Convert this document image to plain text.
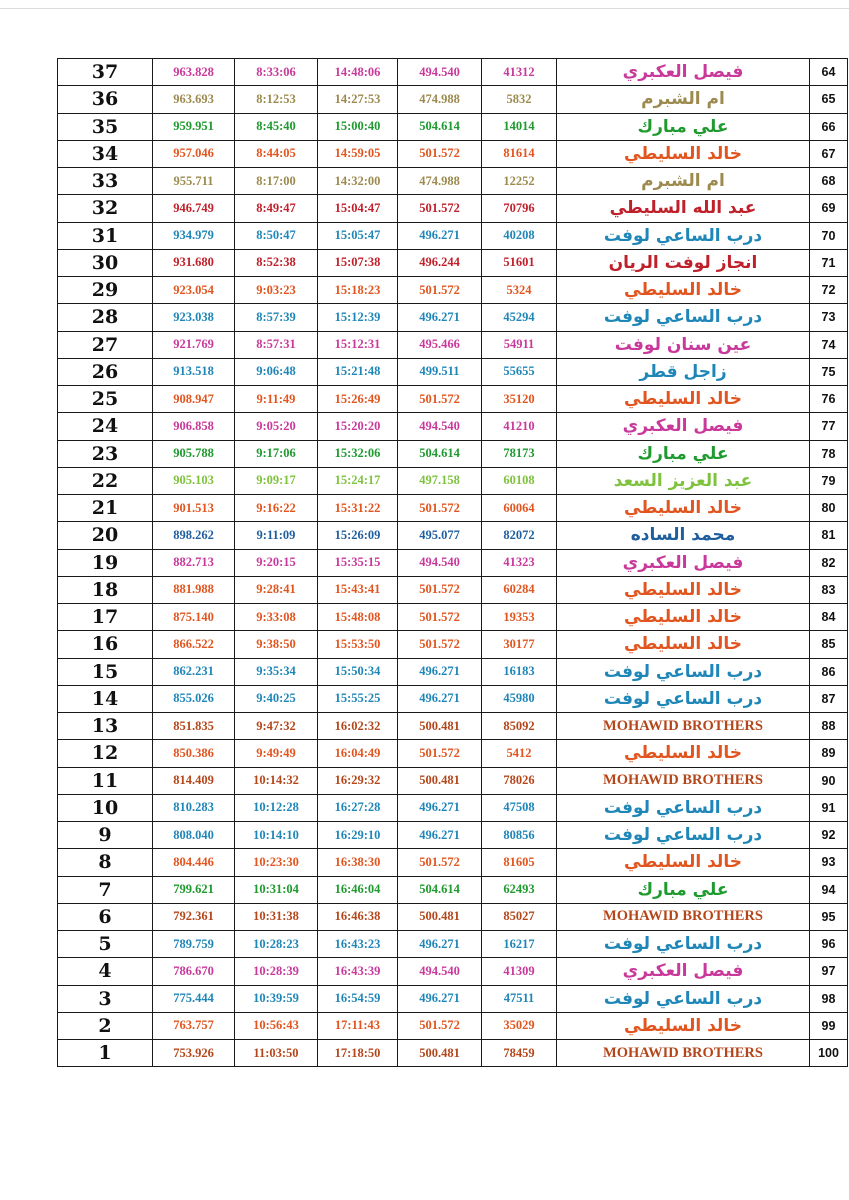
37	963.828	8:33:06	14:48:06	494.540	41312	فيصل العكبري	64
36	963.693	8:12:53	14:27:53	474.988	5832	ام الشبرم	65
35	959.951	8:45:40	15:00:40	504.614	14014	علي مبارك	66
34	957.046	8:44:05	14:59:05	501.572	81614	خالد السليطي	67
33	955.711	8:17:00	14:32:00	474.988	12252	ام الشبرم	68
32	946.749	8:49:47	15:04:47	501.572	70796	عبد الله السليطي	69
31	934.979	8:50:47	15:05:47	496.271	40208	درب الساعي لوفت	70
30	931.680	8:52:38	15:07:38	496.244	51601	انجاز لوفت الريان	71
29	923.054	9:03:23	15:18:23	501.572	5324	خالد السليطي	72
28	923.038	8:57:39	15:12:39	496.271	45294	درب الساعي لوفت	73
27	921.769	8:57:31	15:12:31	495.466	54911	عين سنان لوفت	74
26	913.518	9:06:48	15:21:48	499.511	55655	زاجل قطر	75
25	908.947	9:11:49	15:26:49	501.572	35120	خالد السليطي	76
24	906.858	9:05:20	15:20:20	494.540	41210	فيصل العكبري	77
23	905.788	9:17:06	15:32:06	504.614	78173	علي مبارك	78
22	905.103	9:09:17	15:24:17	497.158	60108	عبد العزيز السعد	79
21	901.513	9:16:22	15:31:22	501.572	60064	خالد السليطي	80
20	898.262	9:11:09	15:26:09	495.077	82072	محمد الساده	81
19	882.713	9:20:15	15:35:15	494.540	41323	فيصل العكبري	82
18	881.988	9:28:41	15:43:41	501.572	60284	خالد السليطي	83
17	875.140	9:33:08	15:48:08	501.572	19353	خالد السليطي	84
16	866.522	9:38:50	15:53:50	501.572	30177	خالد السليطي	85
15	862.231	9:35:34	15:50:34	496.271	16183	درب الساعي لوفت	86
14	855.026	9:40:25	15:55:25	496.271	45980	درب الساعي لوفت	87
13	851.835	9:47:32	16:02:32	500.481	85092	MOHAWID BROTHERS	88
12	850.386	9:49:49	16:04:49	501.572	5412	خالد السليطي	89
11	814.409	10:14:32	16:29:32	500.481	78026	MOHAWID BROTHERS	90
10	810.283	10:12:28	16:27:28	496.271	47508	درب الساعي لوفت	91
9	808.040	10:14:10	16:29:10	496.271	80856	درب الساعي لوفت	92
8	804.446	10:23:30	16:38:30	501.572	81605	خالد السليطي	93
7	799.621	10:31:04	16:46:04	504.614	62493	علي مبارك	94
6	792.361	10:31:38	16:46:38	500.481	85027	MOHAWID BROTHERS	95
5	789.759	10:28:23	16:43:23	496.271	16217	درب الساعي لوفت	96
4	786.670	10:28:39	16:43:39	494.540	41309	فيصل العكبري	97
3	775.444	10:39:59	16:54:59	496.271	47511	درب الساعي لوفت	98
2	763.757	10:56:43	17:11:43	501.572	35029	خالد السليطي	99
1	753.926	11:03:50	17:18:50	500.481	78459	MOHAWID BROTHERS	100
